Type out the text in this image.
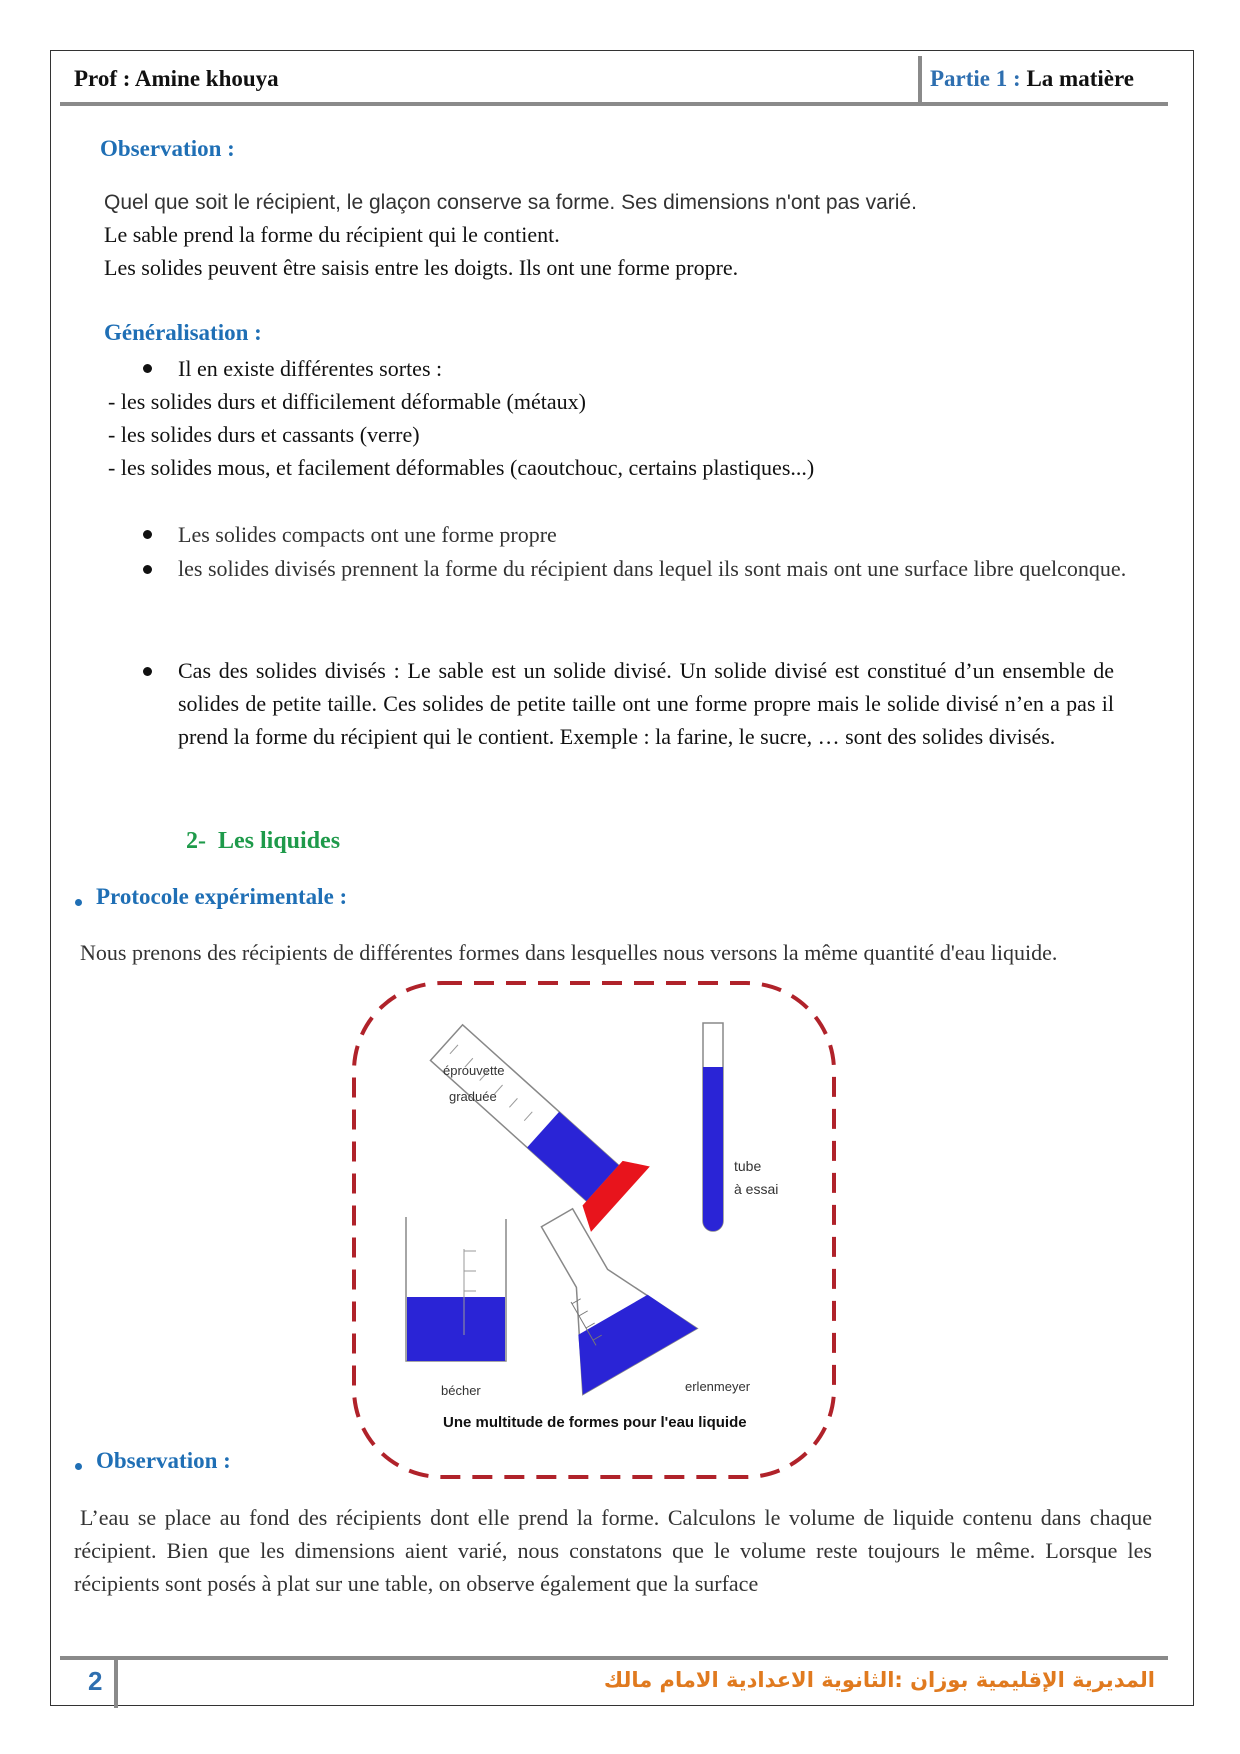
Prof : Amine khouya	Partie 1 : La matière
Observation :
Quel que soit le récipient, le glaçon conserve sa forme. Ses dimensions n'ont pas varié.
Le sable prend la forme du récipient qui le contient.
Les solides peuvent être saisis entre les doigts. Ils ont une forme propre.
Généralisation :
Il en existe différentes sortes :
- les solides durs et difficilement déformable (métaux)
- les solides durs et cassants (verre)
- les solides mous, et facilement déformables (caoutchouc, certains plastiques...)
Les solides compacts ont une forme propre
les solides divisés prennent la forme du récipient dans lequel ils sont mais ont une surface libre quelconque.
Cas des solides divisés : Le sable est un solide divisé. Un solide divisé est constitué d’un ensemble de solides de petite taille. Ces solides de petite taille ont une forme propre mais le solide divisé n’en a pas il prend la forme du récipient qui le contient. Exemple : la farine, le sucre, … sont des solides divisés.
2- Les liquides
Protocole expérimentale :
Nous prenons des récipients de différentes formes dans lesquelles nous versons la même quantité d'eau liquide.
éprouvette
graduée
tube
à essai
bécher	erlenmeyer
Une multitude de formes pour l'eau liquide
Observation :
L’eau se place au fond des récipients dont elle prend la forme. Calculons le volume de liquide contenu dans chaque récipient. Bien que les dimensions aient varié, nous constatons que le volume reste toujours le même. Lorsque les récipients sont posés à plat sur une table, on observe également que la surface
2	المديرية الإقليمية بوزان :الثانوية الاعدادية الامام مالك
